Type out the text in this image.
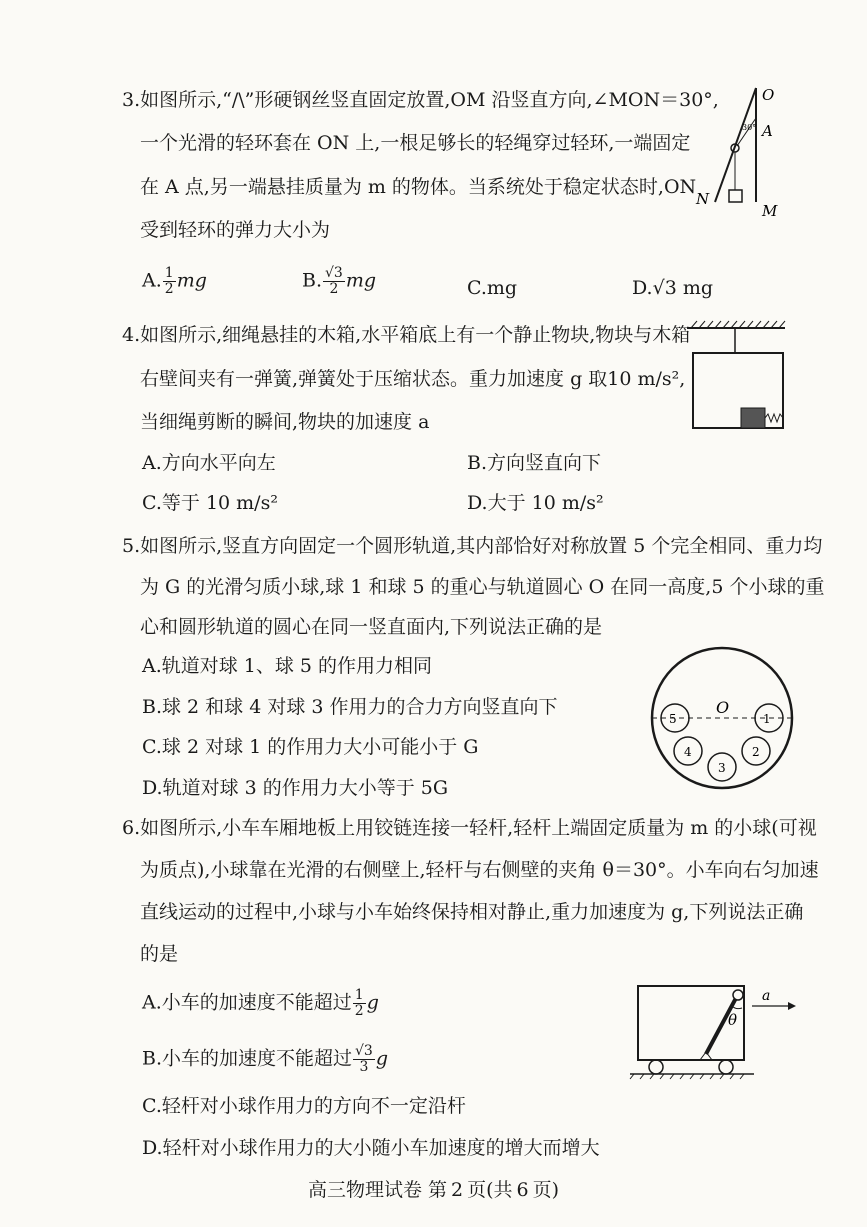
3.如图所示,“/\”形硬钢丝竖直固定放置,OM 沿竖直方向,∠MON＝30°,
一个光滑的轻环套在 ON 上,一根足够长的轻绳穿过轻环,一端固定
在 A 点,另一端悬挂质量为 m 的物体。当系统处于稳定状态时,ON
受到轻环的弹力大小为
A. $\frac{1}{2}$ mg	B. $\frac{√3}{2}$ mg	C.mg	D.√3 mg
O
A
N
M
30°
4.如图所示,细绳悬挂的木箱,水平箱底上有一个静止物块,物块与木箱
右壁间夹有一弹簧,弹簧处于压缩状态。重力加速度 g 取10 m/s²,
当细绳剪断的瞬间,物块的加速度 a
A.方向水平向左	B.方向竖直向下
C.等于 10 m/s²	D.大于 10 m/s²
5.如图所示,竖直方向固定一个圆形轨道,其内部恰好对称放置 5 个完全相同、重力均
为 G 的光滑匀质小球,球 1 和球 5 的重心与轨道圆心 O 在同一高度,5 个小球的重
心和圆形轨道的圆心在同一竖直面内,下列说法正确的是
A.轨道对球 1、球 5 的作用力相同
B.球 2 和球 4 对球 3 作用力的合力方向竖直向下
C.球 2 对球 1 的作用力大小可能小于 G
D.轨道对球 3 的作用力大小等于 5G
O
1
2
3
4
5
6.如图所示,小车车厢地板上用铰链连接一轻杆,轻杆上端固定质量为 m 的小球(可视
为质点),小球靠在光滑的右侧壁上,轻杆与右侧壁的夹角 θ＝30°。小车向右匀加速
直线运动的过程中,小球与小车始终保持相对静止,重力加速度为 g,下列说法正确
的是
A.小车的加速度不能超过 $\frac{1}{2}$ g
B.小车的加速度不能超过 $\frac{√3}{3}$ g
C.轻杆对小球作用力的方向不一定沿杆
D.轻杆对小球作用力的大小随小车加速度的增大而增大
θ
a
高三物理试卷 第 2 页(共 6 页)
